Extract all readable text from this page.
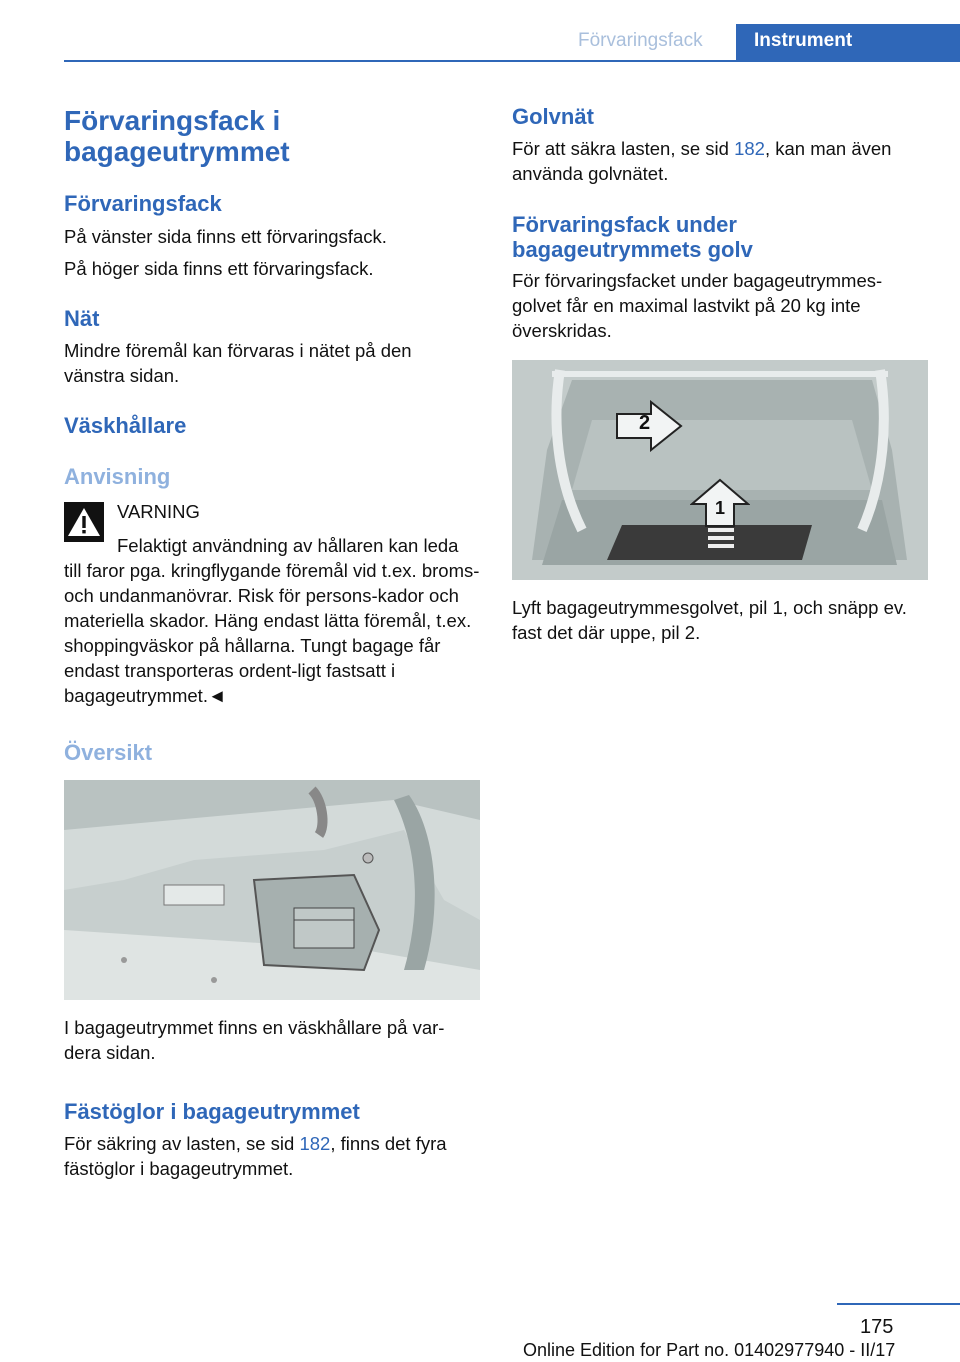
Förvaringsfack	Instrument
Förvaringsfack i bagageutrymmet
Förvaringsfack
På vänster sida finns ett förvaringsfack.
På höger sida finns ett förvaringsfack.
Nät
Mindre föremål kan förvaras i nätet på den vänstra sidan.
Väskhållare
Anvisning
VARNING
Felaktigt användning av hållaren kan leda till faror pga. kringflygande föremål vid t.ex. broms- och undanmanövrar. Risk för persons-kador och materiella skador. Häng endast lätta föremål, t.ex. shoppingväskor på hållarna. Tungt bagage får endast transporteras ordent-ligt fastsatt i bagageutrymmet.◄
Översikt
I bagageutrymmet finns en väskhållare på var-dera sidan.
Fästöglor i bagageutrymmet
För säkring av lasten, se sid 182, finns det fyra fästöglor i bagageutrymmet.
Golvnät
För att säkra lasten, se sid 182, kan man även använda golvnätet.
Förvaringsfack under bagageutrymmets golv
För förvaringsfacket under bagageutrymmes-golvet får en maximal lastvikt på 20 kg inte överskridas.
2
1
Lyft bagageutrymmesgolvet, pil 1, och snäpp ev. fast det där uppe, pil 2.
175
Online Edition for Part no. 01402977940 - II/17
